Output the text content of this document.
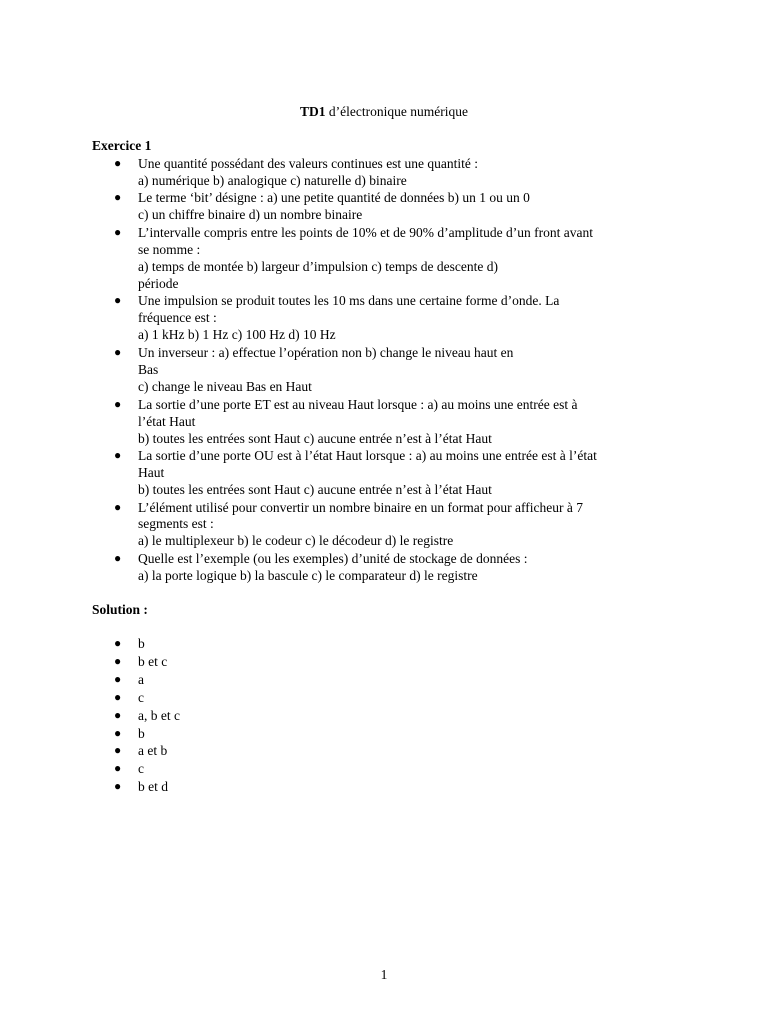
TD1 d’électronique numérique
Exercice 1
● Une quantité possédant des valeurs continues est une quantité :
a) numérique b) analogique c) naturelle d) binaire
● Le terme ‘bit’ désigne : a) une petite quantité de données b) un 1 ou un 0
c) un chiffre binaire d) un nombre binaire
● L’intervalle compris entre les points de 10% et de 90% d’amplitude d’un front avant
se nomme :
a) temps de montée b) largeur d’impulsion c) temps de descente d)
période
● Une impulsion se produit toutes les 10 ms dans une certaine forme d’onde. La
fréquence est :
a) 1 kHz b) 1 Hz c) 100 Hz d) 10 Hz
● Un inverseur : a) effectue l’opération non b) change le niveau haut en
Bas
c) change le niveau Bas en Haut
● La sortie d’une porte ET est au niveau Haut lorsque : a) au moins une entrée est à
l’état Haut
b) toutes les entrées sont Haut c) aucune entrée n’est à l’état Haut
● La sortie d’une porte OU est à l’état Haut lorsque : a) au moins une entrée est à l’état
Haut
b) toutes les entrées sont Haut c) aucune entrée n’est à l’état Haut
● L’élément utilisé pour convertir un nombre binaire en un format pour afficheur à 7
segments est :
a) le multiplexeur b) le codeur c) le décodeur d) le registre
● Quelle est l’exemple (ou les exemples) d’unité de stockage de données :
a) la porte logique b) la bascule c) le comparateur d) le registre
Solution :
● b
● b et c
● a
● c
● a, b et c
● b
● a et b
● c
● b et d
1
